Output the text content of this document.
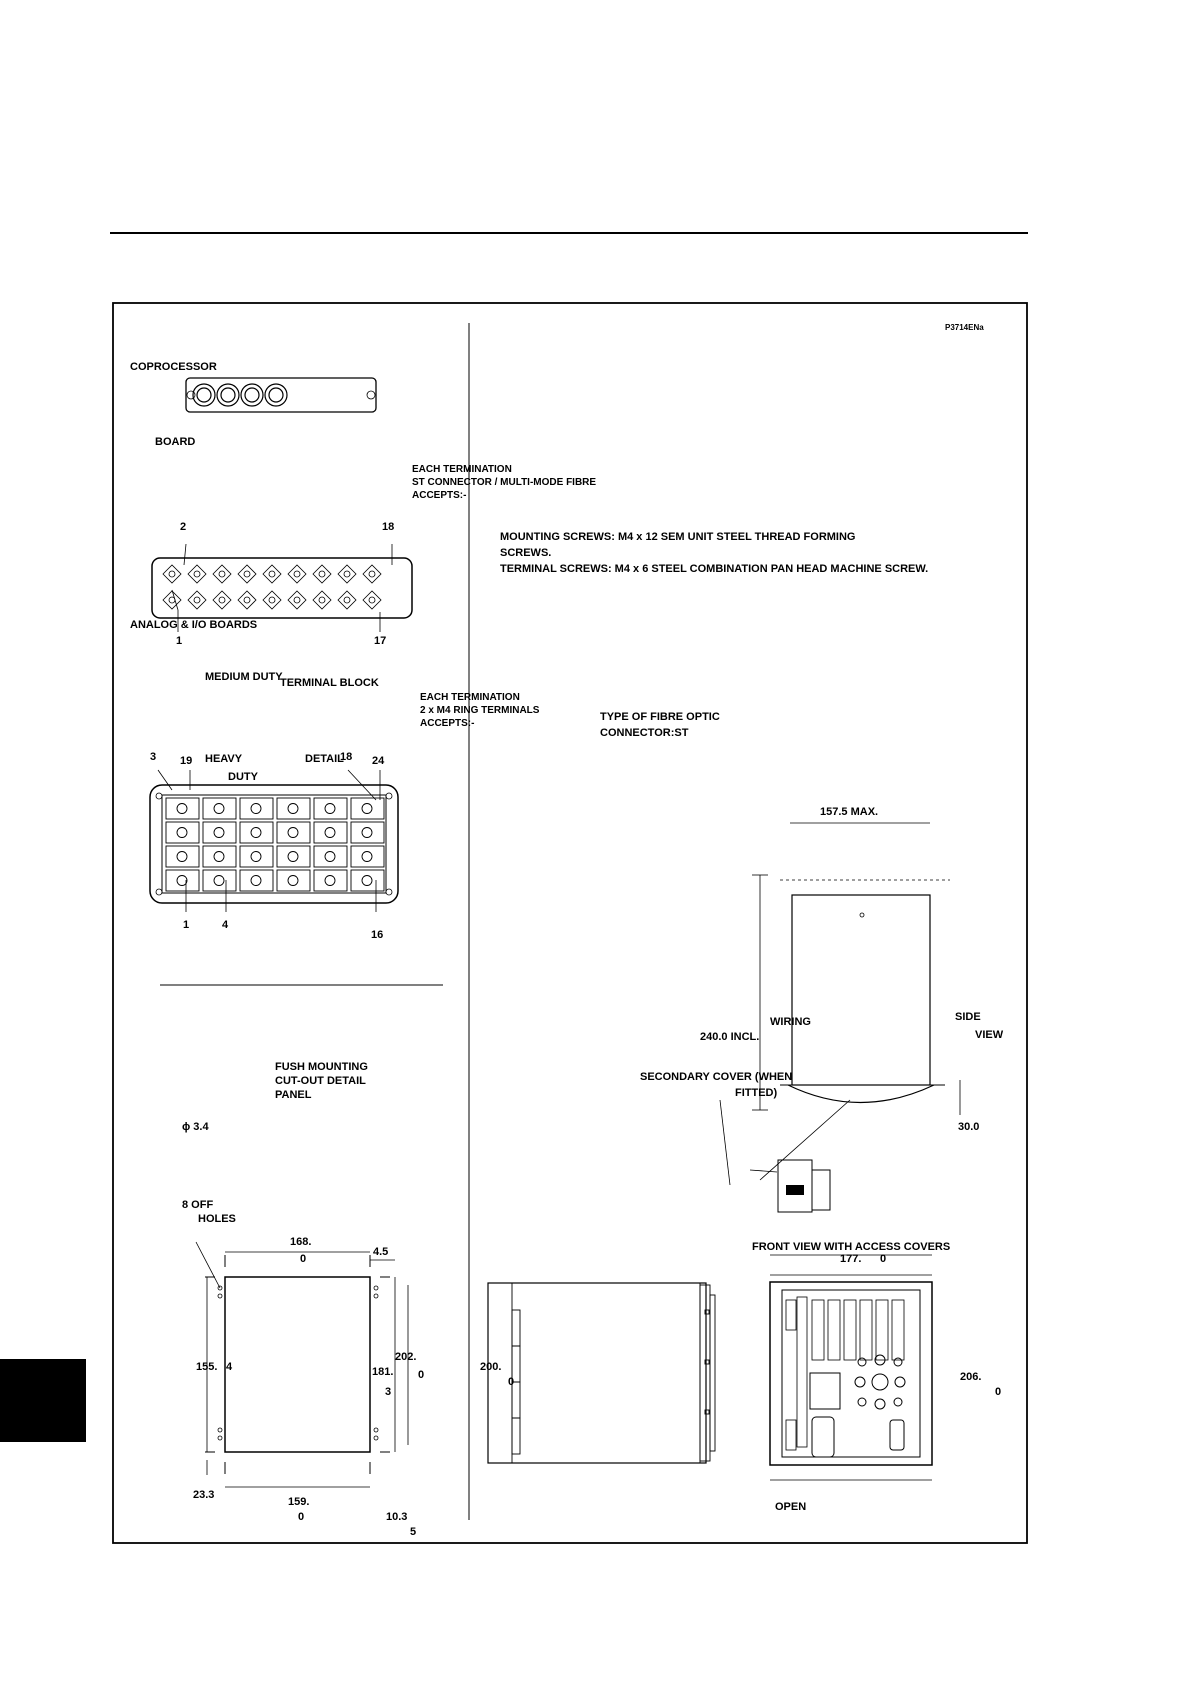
8 OFF
HOLES
168.
0
4.5
155. 4	181.
3
202.
0
23.3
159.
0	10.3
5
ϕ 3.4
FUSH MOUNTING
CUT-OUT DETAIL
PANEL
3 19
1	4
16
18 24
HEAVY
DUTY
TERMINAL BLOCK
DETAIL
ANALOG & I/O BOARDS
1
2
17
18
MEDIUM DUTY
EACH TERMINATION
2 x M4 RING TERMINALS
ACCEPTS:-
COPROCESSOR
BOARD
EACH TERMINATION
ST CONNECTOR / MULTI-MODE FIBRE
ACCEPTS:-
P3714ENa
MOUNTING SCREWS: M4 x 12 SEM UNIT STEEL THREAD FORMING
SCREWS.
TERMINAL SCREWS: M4 x 6 STEEL COMBINATION PAN HEAD MACHINE SCREW.
TYPE OF FIBRE OPTIC
CONNECTOR:ST
200.
0
FRONT VIEW WITH ACCESS COVERS
OPEN
177. 0
206.
0
SECONDARY COVER (WHEN
FITTED)
240.0 INCL.
WIRING
157.5 MAX.
30.0
SIDE
VIEW
